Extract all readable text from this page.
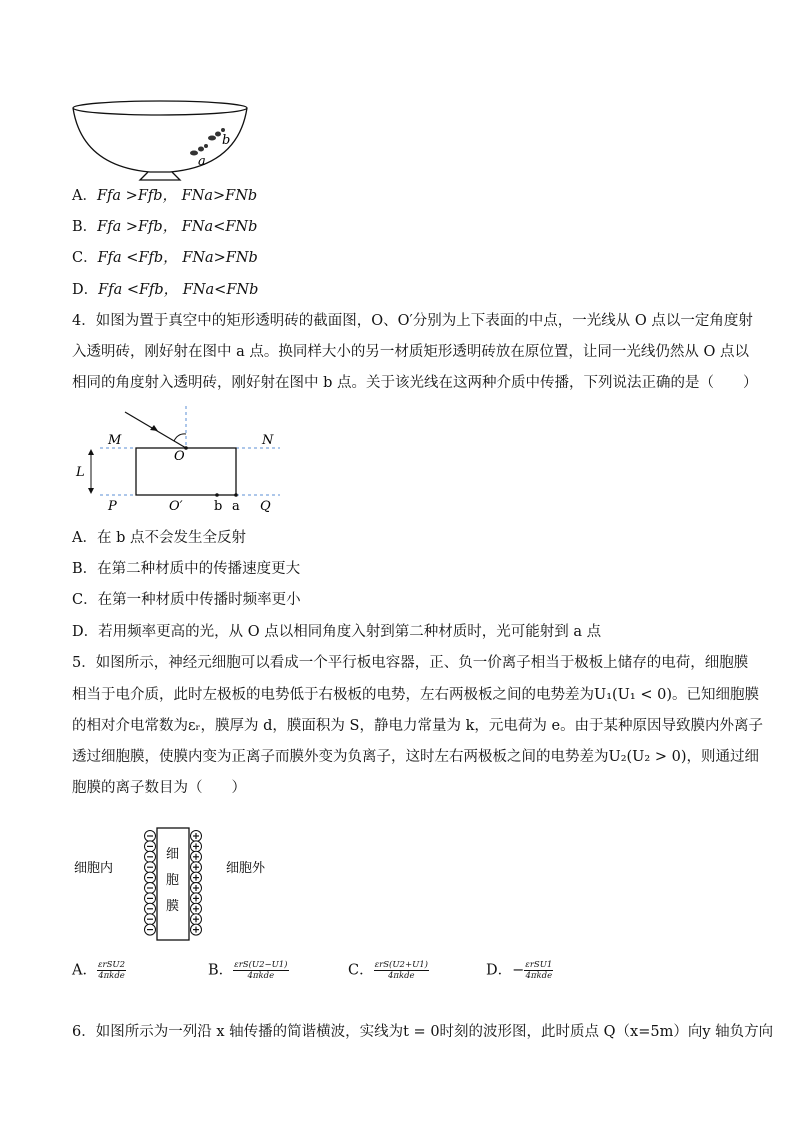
a
b
A．Ffa >Ffb， FNa>FNb
B．Ffa >Ffb， FNa<FNb
C．Ffa <Ffb， FNa>FNb
D．Ffa <Ffb， FNa<FNb
4．如图为置于真空中的矩形透明砖的截面图，O、O′分别为上下表面的中点，一光线从 O 点以一定角度射
入透明砖，刚好射在图中 a 点。换同样大小的另一材质矩形透明砖放在原位置，让同一光线仍然从 O 点以
相同的角度射入透明砖，刚好射在图中 b 点。关于该光线在这两种介质中传播，下列说法正确的是（　　）
M	N
O
L
P	O′ b a Q
A．在 b 点不会发生全反射
B．在第二种材质中的传播速度更大
C．在第一种材质中传播时频率更小
D．若用频率更高的光，从 O 点以相同角度入射到第二种材质时，光可能射到 a 点
5．如图所示，神经元细胞可以看成一个平行板电容器，正、负一价离子相当于极板上储存的电荷，细胞膜
相当于电介质，此时左极板的电势低于右极板的电势，左右两极板之间的电势差为U₁(U₁ < 0)。已知细胞膜
的相对介电常数为εᵣ，膜厚为 d，膜面积为 S，静电力常量为 k，元电荷为 e。由于某种原因导致膜内外离子
透过细胞膜，使膜内变为正离子而膜外变为负离子，这时左右两极板之间的电势差为U₂(U₂ > 0)，则通过细
胞膜的离子数目为（　　）
细胞内	细胞外
细
胞
膜
A． $\frac{\text{εrSU2}}{\text{4πkde}}$	B． $\frac{\text{εrS(U2−U1)}}{\text{4πkde}}$	C． $\frac{\text{εrS(U2+U1)}}{\text{4πkde}}$	D．− $\frac{\text{εrSU1}}{\text{4πkde}}$
6．如图所示为一列沿 x 轴传播的简谐横波，实线为t = 0时刻的波形图，此时质点 Q（x=5m）向y 轴负方向
